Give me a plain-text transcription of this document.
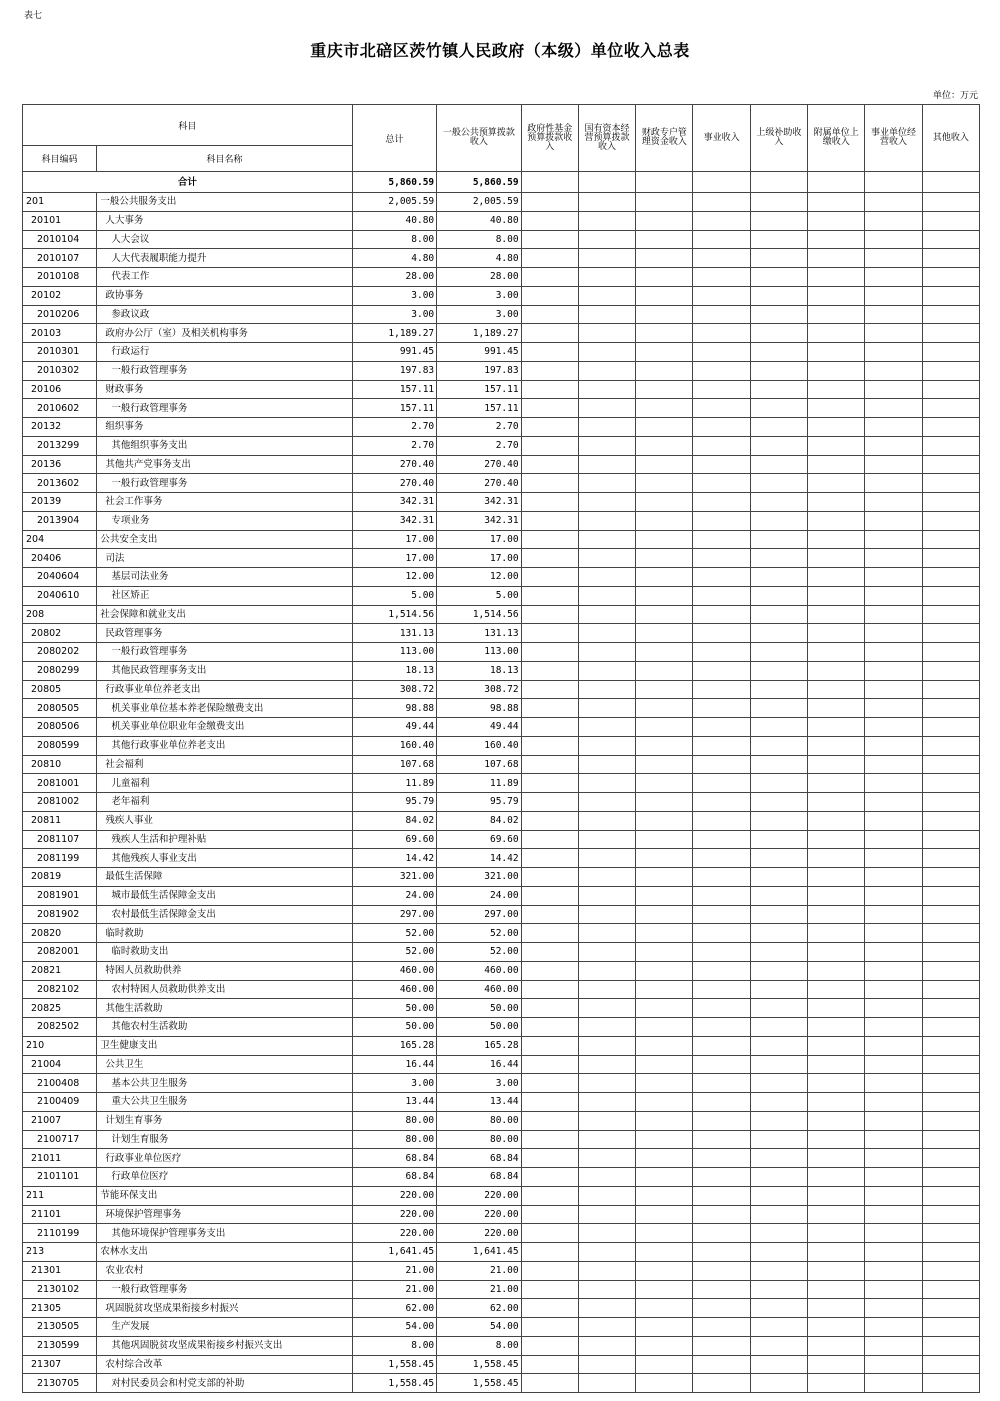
表七
重庆市北碚区茨竹镇人民政府（本级）单位收入总表
单位：万元
科目		总计	一般公共预算拨款收入	政府性基金预算拨款收入	国有资本经营预算拨款收入	财政专户管理资金收入	事业收入	上级补助收入	附属单位上缴收入	事业单位经营收入	其他收入
科目编码	科目名称										
合计		5,860.59	5,860.59								
201	一般公共服务支出	2,005.59	2,005.59								
20101	人大事务	40.80	40.80								
2010104	人大会议	8.00	8.00								
2010107	人大代表履职能力提升	4.80	4.80								
2010108	代表工作	28.00	28.00								
20102	政协事务	3.00	3.00								
2010206	参政议政	3.00	3.00								
20103	政府办公厅（室）及相关机构事务	1,189.27	1,189.27								
2010301	行政运行	991.45	991.45								
2010302	一般行政管理事务	197.83	197.83								
20106	财政事务	157.11	157.11								
2010602	一般行政管理事务	157.11	157.11								
20132	组织事务	2.70	2.70								
2013299	其他组织事务支出	2.70	2.70								
20136	其他共产党事务支出	270.40	270.40								
2013602	一般行政管理事务	270.40	270.40								
20139	社会工作事务	342.31	342.31								
2013904	专项业务	342.31	342.31								
204	公共安全支出	17.00	17.00								
20406	司法	17.00	17.00								
2040604	基层司法业务	12.00	12.00								
2040610	社区矫正	5.00	5.00								
208	社会保障和就业支出	1,514.56	1,514.56								
20802	民政管理事务	131.13	131.13								
2080202	一般行政管理事务	113.00	113.00								
2080299	其他民政管理事务支出	18.13	18.13								
20805	行政事业单位养老支出	308.72	308.72								
2080505	机关事业单位基本养老保险缴费支出	98.88	98.88								
2080506	机关事业单位职业年金缴费支出	49.44	49.44								
2080599	其他行政事业单位养老支出	160.40	160.40								
20810	社会福利	107.68	107.68								
2081001	儿童福利	11.89	11.89								
2081002	老年福利	95.79	95.79								
20811	残疾人事业	84.02	84.02								
2081107	残疾人生活和护理补贴	69.60	69.60								
2081199	其他残疾人事业支出	14.42	14.42								
20819	最低生活保障	321.00	321.00								
2081901	城市最低生活保障金支出	24.00	24.00								
2081902	农村最低生活保障金支出	297.00	297.00								
20820	临时救助	52.00	52.00								
2082001	临时救助支出	52.00	52.00								
20821	特困人员救助供养	460.00	460.00								
2082102	农村特困人员救助供养支出	460.00	460.00								
20825	其他生活救助	50.00	50.00								
2082502	其他农村生活救助	50.00	50.00								
210	卫生健康支出	165.28	165.28								
21004	公共卫生	16.44	16.44								
2100408	基本公共卫生服务	3.00	3.00								
2100409	重大公共卫生服务	13.44	13.44								
21007	计划生育事务	80.00	80.00								
2100717	计划生育服务	80.00	80.00								
21011	行政事业单位医疗	68.84	68.84								
2101101	行政单位医疗	68.84	68.84								
211	节能环保支出	220.00	220.00								
21101	环境保护管理事务	220.00	220.00								
2110199	其他环境保护管理事务支出	220.00	220.00								
213	农林水支出	1,641.45	1,641.45								
21301	农业农村	21.00	21.00								
2130102	一般行政管理事务	21.00	21.00								
21305	巩固脱贫攻坚成果衔接乡村振兴	62.00	62.00								
2130505	生产发展	54.00	54.00								
2130599	其他巩固脱贫攻坚成果衔接乡村振兴支出	8.00	8.00								
21307	农村综合改革	1,558.45	1,558.45								
2130705	对村民委员会和村党支部的补助	1,558.45	1,558.45								
